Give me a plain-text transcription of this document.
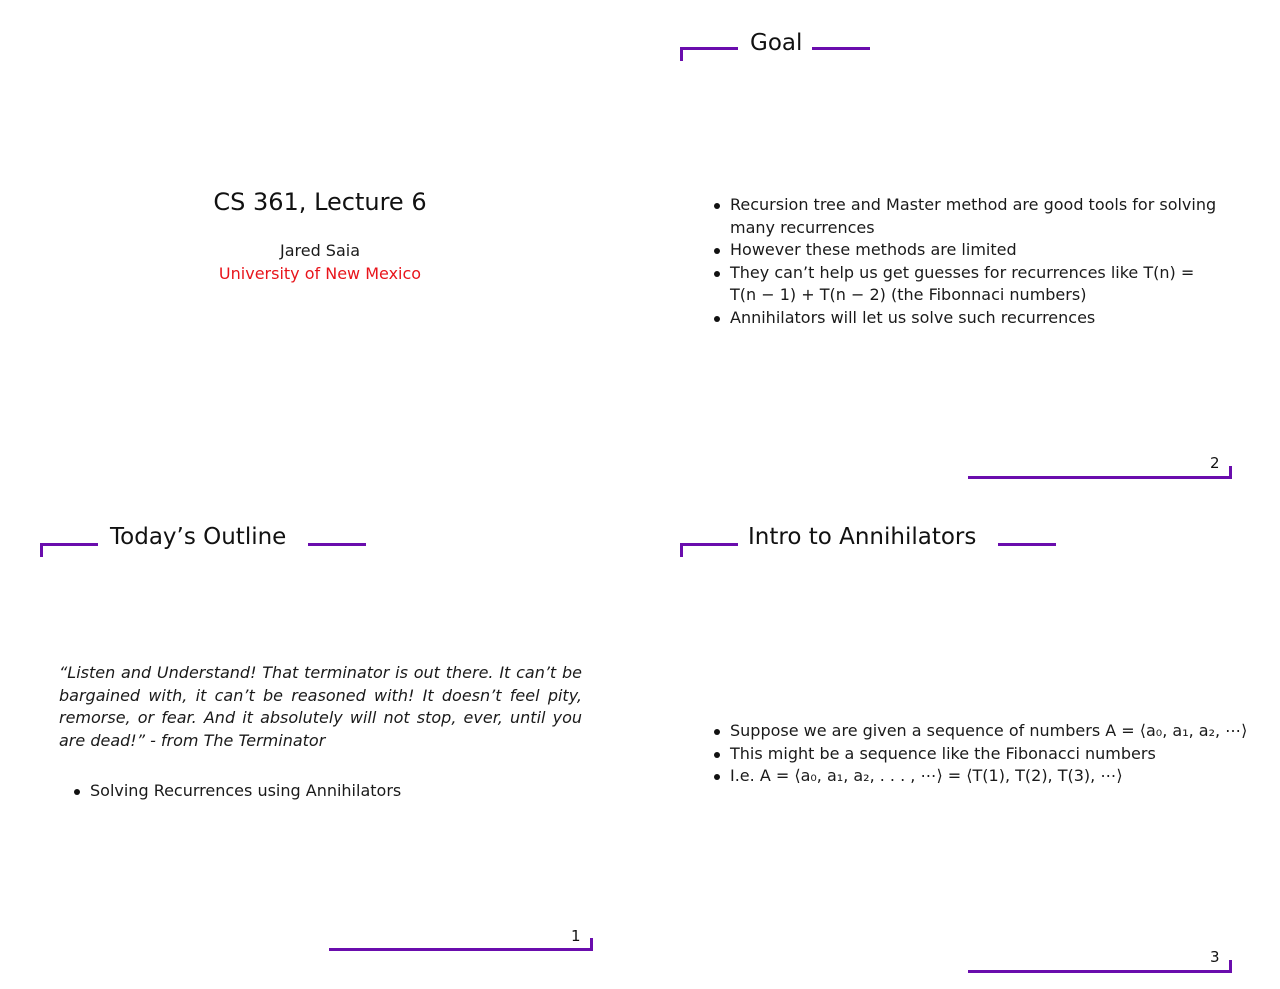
CS 361, Lecture 6
Jared Saia
University of New Mexico
Goal
Recursion tree and Master method are good tools for solving many recurrences
However these methods are limited
They can’t help us get guesses for recurrences like T(n) = T(n − 1) + T(n − 2) (the Fibonnaci numbers)
Annihilators will let us solve such recurrences
2
Today’s Outline
“Listen and Understand! That terminator is out there. It can’t be bargained with, it can’t be reasoned with! It doesn’t feel pity, remorse, or fear. And it absolutely will not stop, ever, until you are dead!” - from The Terminator
Solving Recurrences using Annihilators
1
Intro to Annihilators
Suppose we are given a sequence of numbers A = ⟨a₀, a₁, a₂, ⋯⟩
This might be a sequence like the Fibonacci numbers
I.e. A = ⟨a₀, a₁, a₂, . . . , ⋯⟩ = ⟨T(1), T(2), T(3), ⋯⟩
3
